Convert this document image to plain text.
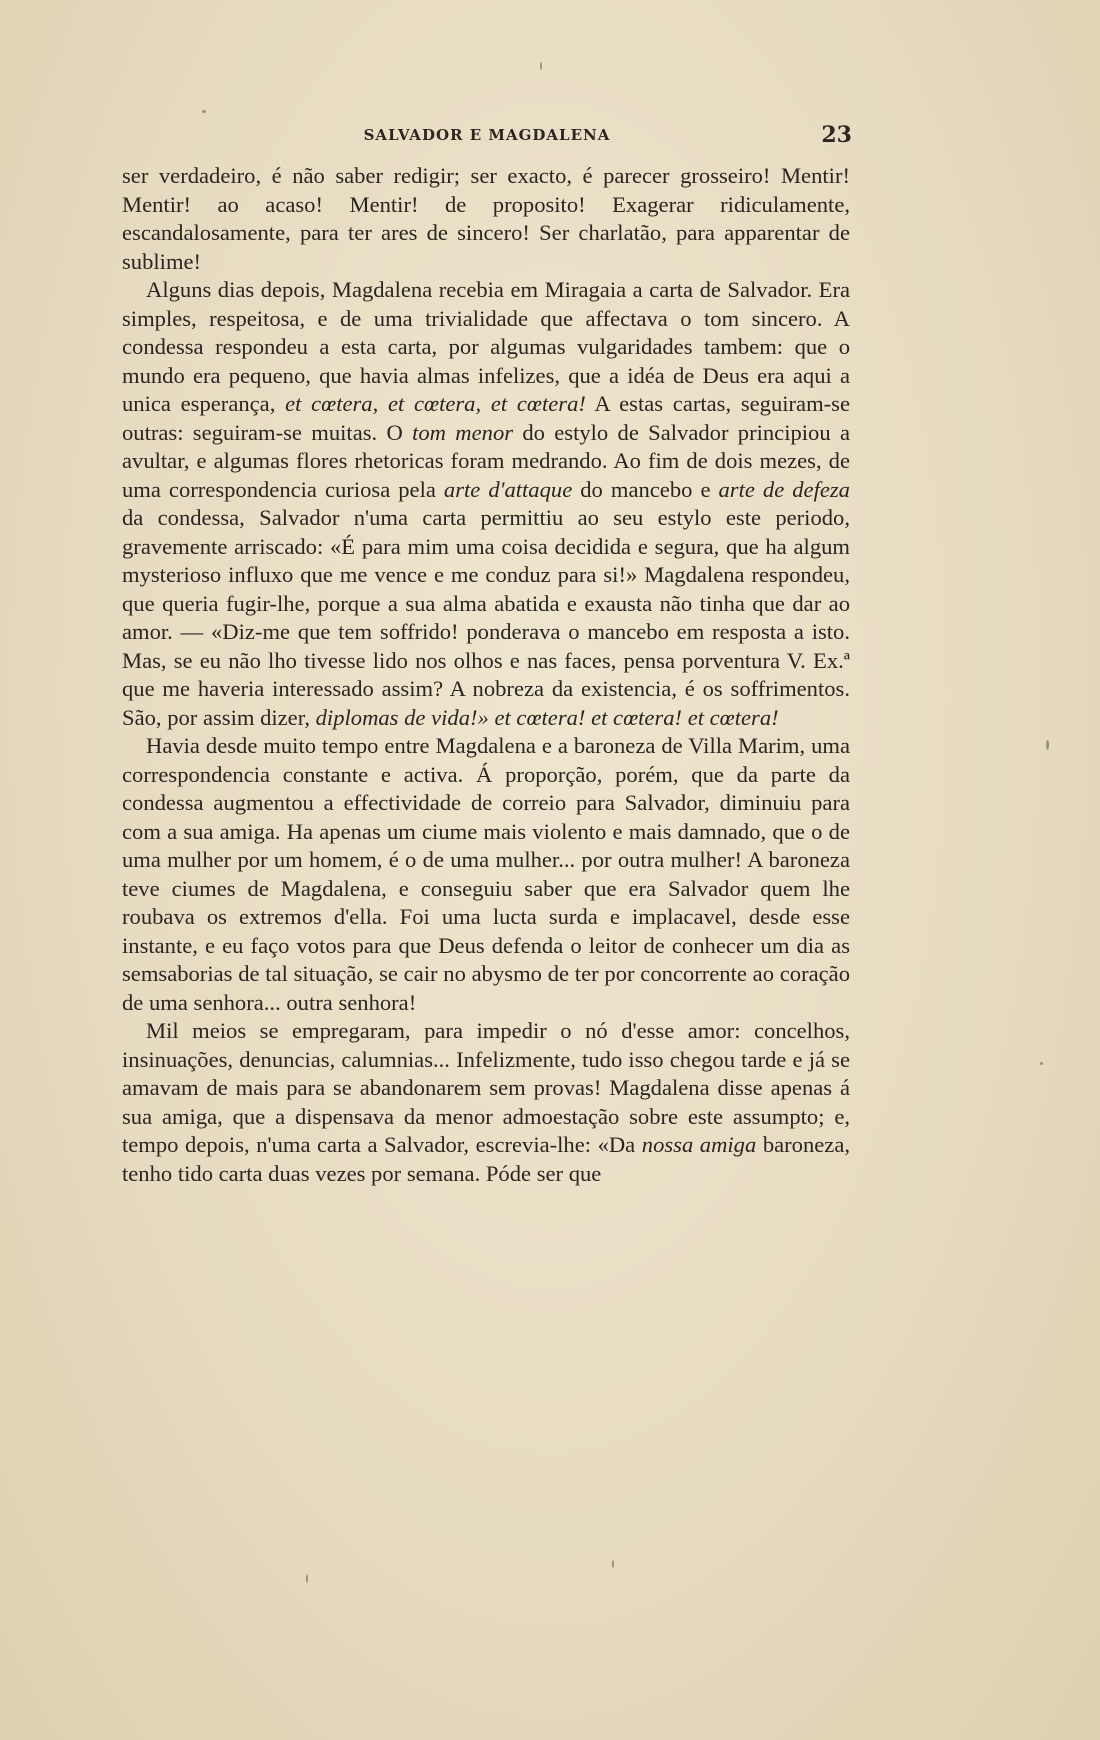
SALVADOR E MAGDALENA	23

ser verdadeiro, é não saber redigir; ser exacto, é parecer grosseiro! Mentir! Mentir! ao acaso! Mentir! de proposito! Exagerar ridiculamente, escandalosamente, para ter ares de sincero! Ser charlatão, para apparentar de sublime!

Alguns dias depois, Magdalena recebia em Miragaia a carta de Salvador. Era simples, respeitosa, e de uma trivialidade que affectava o tom sincero. A condessa respondeu a esta carta, por algumas vulgaridades tambem: que o mundo era pequeno, que havia almas infelizes, que a idéa de Deus era aqui a unica esperança, et cœtera, et cœtera, et cœtera! A estas cartas, seguiram-se outras: seguiram-se muitas. O tom menor do estylo de Salvador principiou a avultar, e algumas flores rhetoricas foram medrando. Ao fim de dois mezes, de uma correspondencia curiosa pela arte d'attaque do mancebo e arte de defeza da condessa, Salvador n'uma carta permittiu ao seu estylo este periodo, gravemente arriscado: «É para mim uma coisa decidida e segura, que ha algum mysterioso influxo que me vence e me conduz para si!» Magdalena respondeu, que queria fugir-lhe, porque a sua alma abatida e exausta não tinha que dar ao amor. — «Diz-me que tem soffrido! ponderava o mancebo em resposta a isto. Mas, se eu não lho tivesse lido nos olhos e nas faces, pensa porventura V. Ex.ª que me haveria interessado assim? A nobreza da existencia, é os soffrimentos. São, por assim dizer, diplomas de vida!» et cœtera! et cœtera! et cœtera!

Havia desde muito tempo entre Magdalena e a baroneza de Villa Marim, uma correspondencia constante e activa. Á proporção, porém, que da parte da condessa augmentou a effectividade de correio para Salvador, diminuiu para com a sua amiga. Ha apenas um ciume mais violento e mais damnado, que o de uma mulher por um homem, é o de uma mulher... por outra mulher! A baroneza teve ciumes de Magdalena, e conseguiu saber que era Salvador quem lhe roubava os extremos d'ella. Foi uma lucta surda e implacavel, desde esse instante, e eu faço votos para que Deus defenda o leitor de conhecer um dia as semsaborias de tal situação, se cair no abysmo de ter por concorrente ao coração de uma senhora... outra senhora!

Mil meios se empregaram, para impedir o nó d'esse amor: concelhos, insinuações, denuncias, calumnias... Infelizmente, tudo isso chegou tarde e já se amavam de mais para se abandonarem sem provas! Magdalena disse apenas á sua amiga, que a dispensava da menor admoestação sobre este assumpto; e, tempo depois, n'uma carta a Salvador, escrevia-lhe: «Da nossa amiga baroneza, tenho tido carta duas vezes por semana. Póde ser que
